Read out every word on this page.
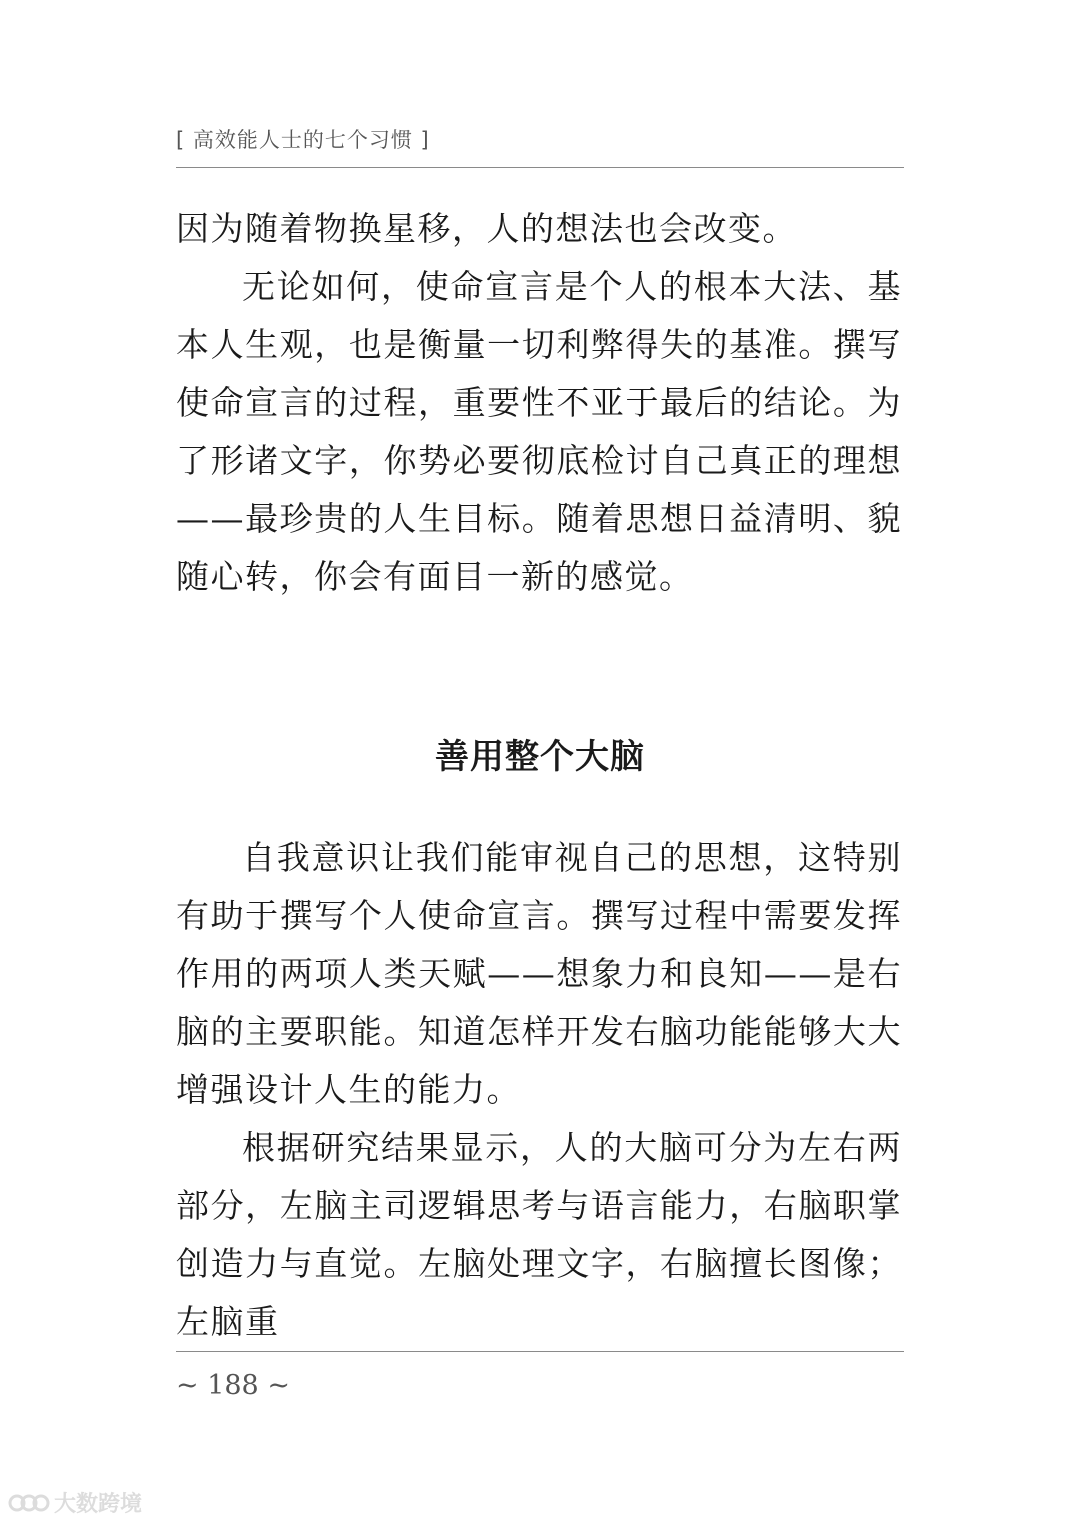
[ 高效能人士的七个习惯 ]

因为随着物换星移，人的想法也会改变。

无论如何，使命宣言是个人的根本大法、基本人生观，也是衡量一切利弊得失的基准。撰写使命宣言的过程，重要性不亚于最后的结论。为了形诸文字，你势必要彻底检讨自己真正的理想——最珍贵的人生目标。随着思想日益清明、貌随心转，你会有面目一新的感觉。

善用整个大脑

自我意识让我们能审视自己的思想，这特别有助于撰写个人使命宣言。撰写过程中需要发挥作用的两项人类天赋——想象力和良知——是右脑的主要职能。知道怎样开发右脑功能能够大大增强设计人生的能力。

根据研究结果显示，人的大脑可分为左右两部分，左脑主司逻辑思考与语言能力，右脑职掌创造力与直觉。左脑处理文字，右脑擅长图像；左脑重

~ 188 ~
大数跨境
